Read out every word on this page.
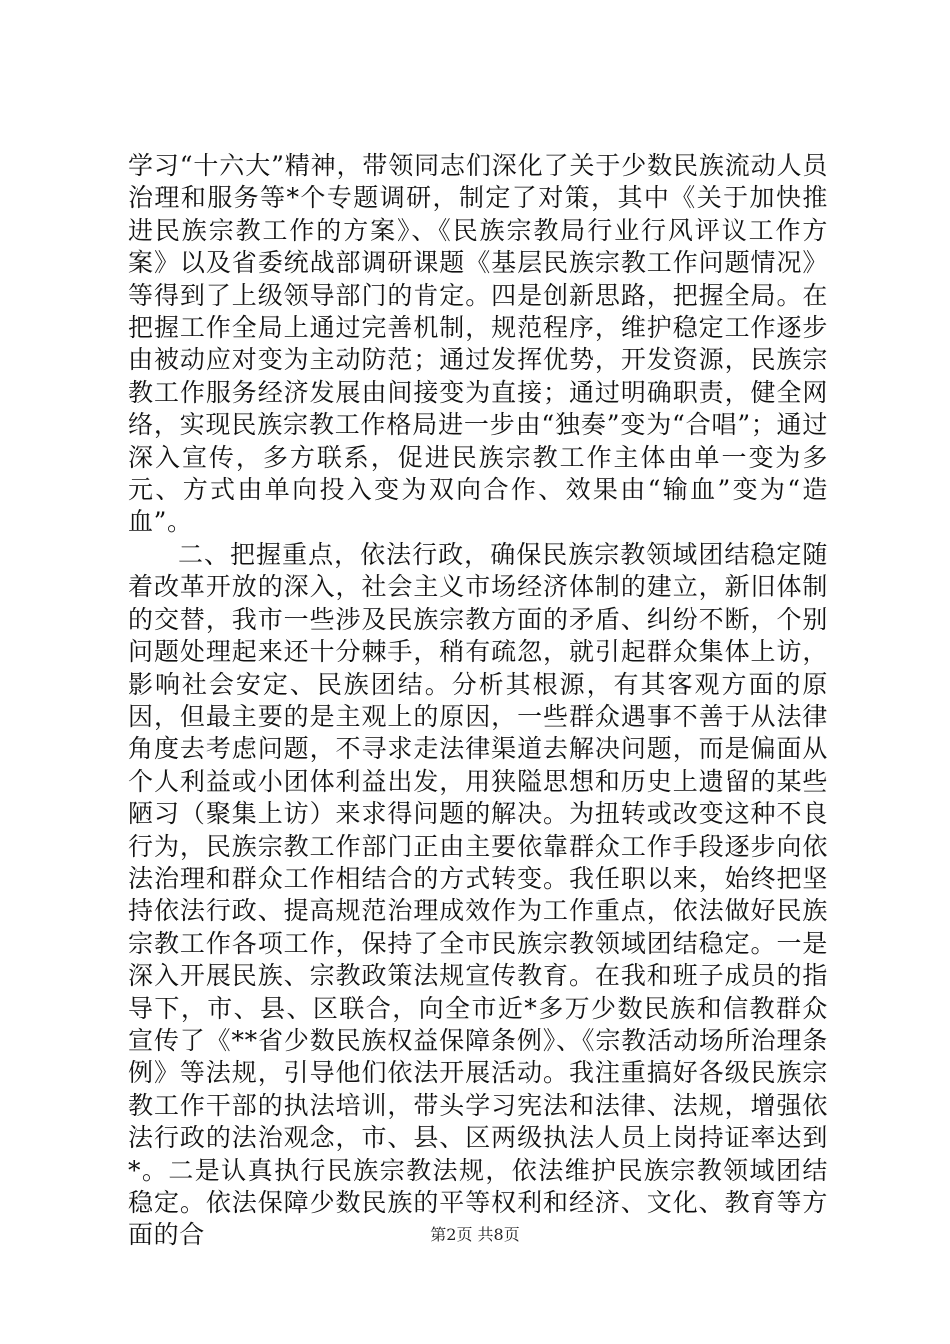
学习“十六大”精神，带领同志们深化了关于少数民族流动人员治理和服务等*个专题调研，制定了对策，其中《关于加快推进民族宗教工作的方案》、《民族宗教局行业行风评议工作方案》以及省委统战部调研课题《基层民族宗教工作问题情况》等得到了上级领导部门的肯定。四是创新思路，把握全局。在把握工作全局上通过完善机制，规范程序，维护稳定工作逐步由被动应对变为主动防范；通过发挥优势，开发资源，民族宗教工作服务经济发展由间接变为直接；通过明确职责，健全网络，实现民族宗教工作格局进一步由“独奏”变为“合唱”；通过深入宣传，多方联系，促进民族宗教工作主体由单一变为多元、方式由单向投入变为双向合作、效果由“输血”变为“造血”。

二、把握重点，依法行政，确保民族宗教领域团结稳定随着改革开放的深入，社会主义市场经济体制的建立，新旧体制的交替，我市一些涉及民族宗教方面的矛盾、纠纷不断，个别问题处理起来还十分棘手，稍有疏忽，就引起群众集体上访，影响社会安定、民族团结。分析其根源，有其客观方面的原因，但最主要的是主观上的原因，一些群众遇事不善于从法律角度去考虑问题，不寻求走法律渠道去解决问题，而是偏面从个人利益或小团体利益出发，用狭隘思想和历史上遗留的某些陋习（聚集上访）来求得问题的解决。为扭转或改变这种不良行为，民族宗教工作部门正由主要依靠群众工作手段逐步向依法治理和群众工作相结合的方式转变。我任职以来，始终把坚持依法行政、提高规范治理成效作为工作重点，依法做好民族宗教工作各项工作，保持了全市民族宗教领域团结稳定。一是深入开展民族、宗教政策法规宣传教育。在我和班子成员的指导下，市、县、区联合，向全市近*多万少数民族和信教群众宣传了《**省少数民族权益保障条例》、《宗教活动场所治理条例》等法规，引导他们依法开展活动。我注重搞好各级民族宗教工作干部的执法培训，带头学习宪法和法律、法规，增强依法行政的法治观念，市、县、区两级执法人员上岗持证率达到*。二是认真执行民族宗教法规，依法维护民族宗教领域团结稳定。依法保障少数民族的平等权利和经济、文化、教育等方面的合	第2页 共8页
